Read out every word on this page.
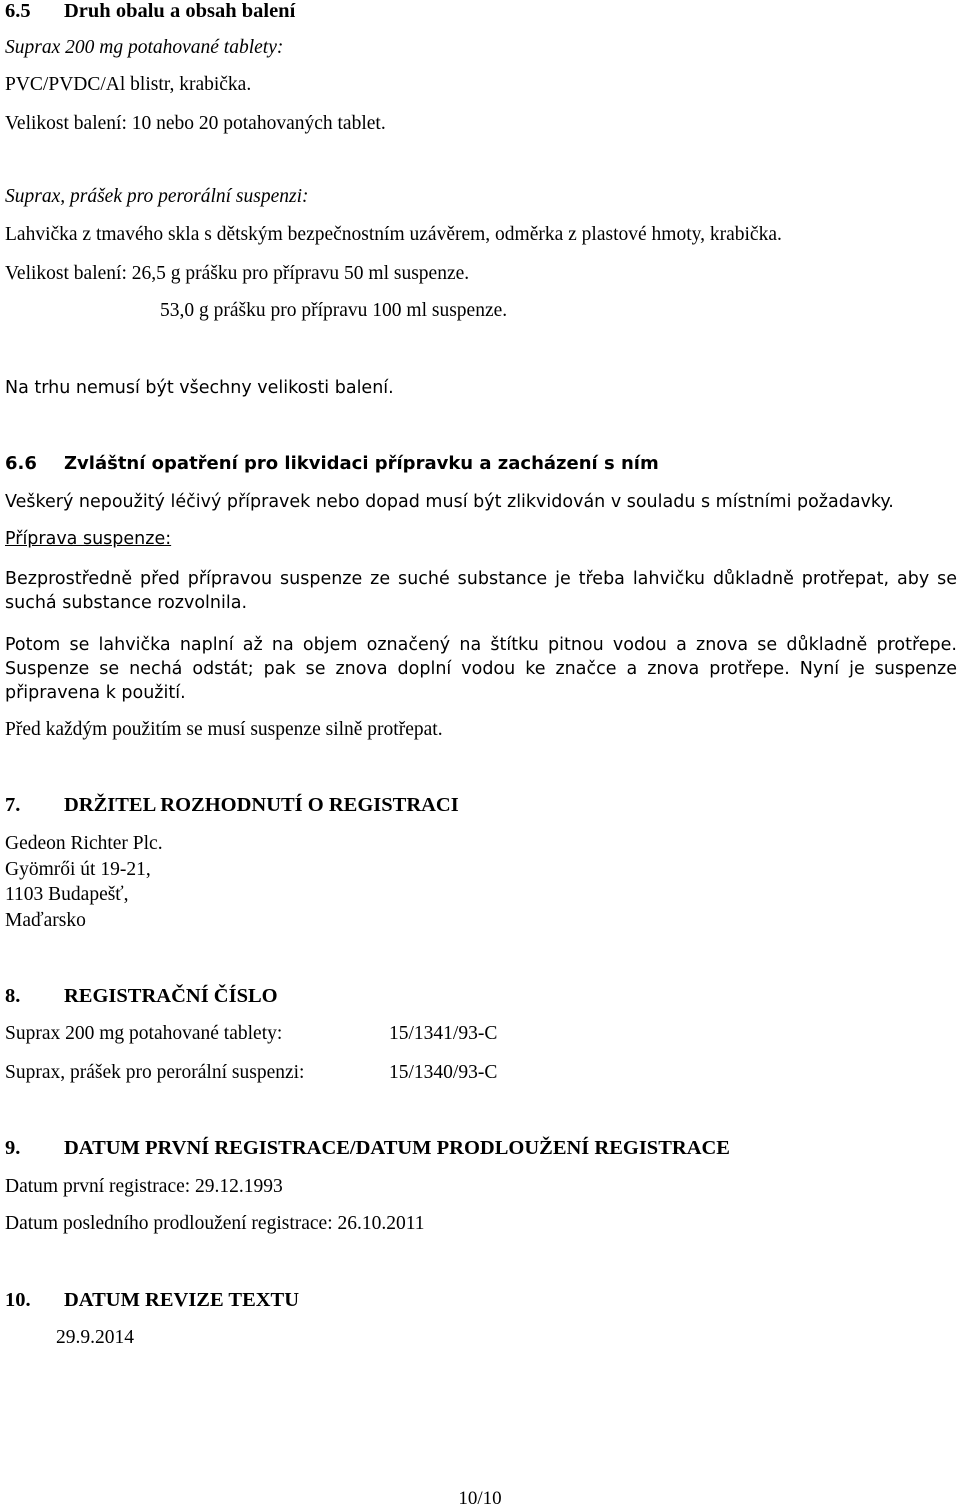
6.5 Druh obalu a obsah balení
Suprax 200 mg potahované tablety:
PVC/PVDC/Al blistr, krabička.
Velikost balení: 10 nebo 20 potahovaných tablet.
Suprax, prášek pro perorální suspenzi:
Lahvička z tmavého skla s dětským bezpečnostním uzávěrem, odměrka z plastové hmoty, krabička.
Velikost balení: 26,5 g prášku pro přípravu 50 ml suspenze.
53,0 g prášku pro přípravu 100 ml suspenze.
Na trhu nemusí být všechny velikosti balení.
6.6 Zvláštní opatření pro likvidaci přípravku a zacházení s ním
Veškerý nepoužitý léčivý přípravek nebo dopad musí být zlikvidován v souladu s místními požadavky.
Příprava suspenze:
Bezprostředně před přípravou suspenze ze suché substance je třeba lahvičku důkladně protřepat, aby se suchá substance rozvolnila.
Potom se lahvička naplní až na objem označený na štítku pitnou vodou a znova se důkladně protřepe. Suspenze se nechá odstát; pak se znova doplní vodou ke značce a znova protřepe. Nyní je suspenze připravena k použití.
Před každým použitím se musí suspenze silně protřepat.
7. DRŽITEL ROZHODNUTÍ O REGISTRACI
Gedeon Richter Plc.
Gyömrői út 19-21,
1103 Budapešť,
Maďarsko
8. REGISTRAČNÍ ČÍSLO
Suprax 200 mg potahované tablety:	15/1341/93-C
Suprax, prášek pro perorální suspenzi:	15/1340/93-C
9. DATUM PRVNÍ REGISTRACE/DATUM PRODLOUŽENÍ REGISTRACE
Datum první registrace: 29.12.1993
Datum posledního prodloužení registrace: 26.10.2011
10. DATUM REVIZE TEXTU
29.9.2014
10/10
